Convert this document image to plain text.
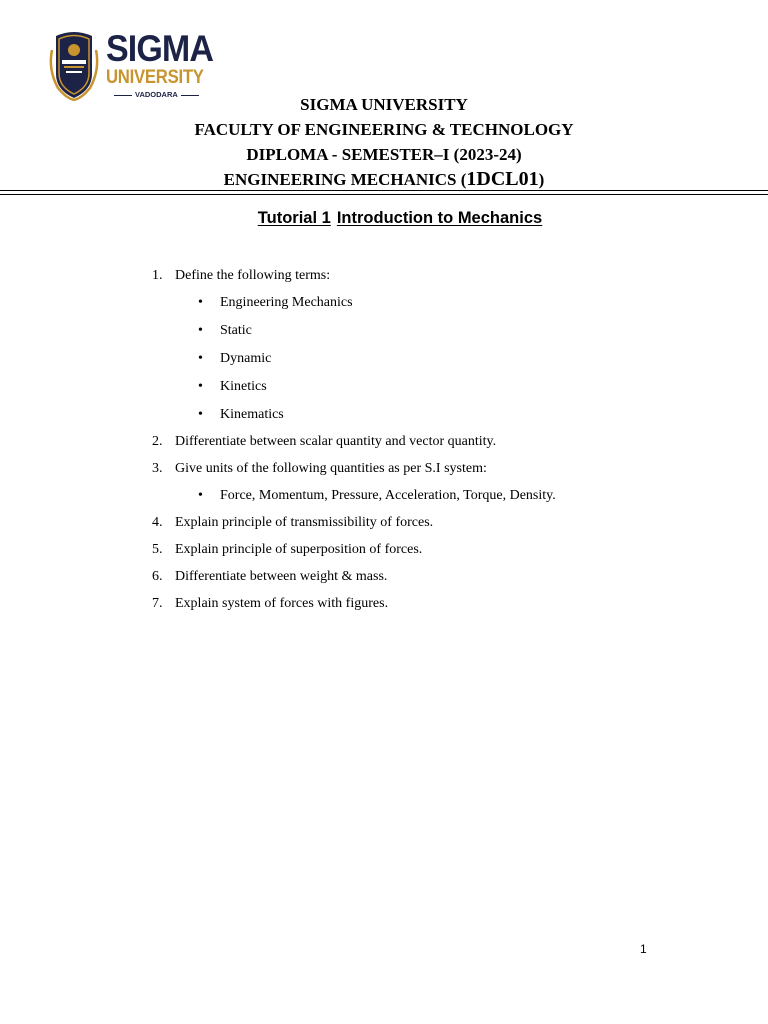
SIGMA
UNIVERSITY
VADODARA
SIGMA UNIVERSITY
FACULTY OF ENGINEERING & TECHNOLOGY
DIPLOMA - SEMESTER–I (2023-24)
ENGINEERING MECHANICS (1DCL01)
Tutorial 1 Introduction to Mechanics
1. Define the following terms:
•	Engineering Mechanics
•	Static
•	Dynamic
•	Kinetics
•	Kinematics
2. Differentiate between scalar quantity and vector quantity.
3. Give units of the following quantities as per S.I system:
•	Force, Momentum, Pressure, Acceleration, Torque, Density.
4. Explain principle of transmissibility of forces.
5. Explain principle of superposition of forces.
6. Differentiate between weight & mass.
7. Explain system of forces with figures.
1
